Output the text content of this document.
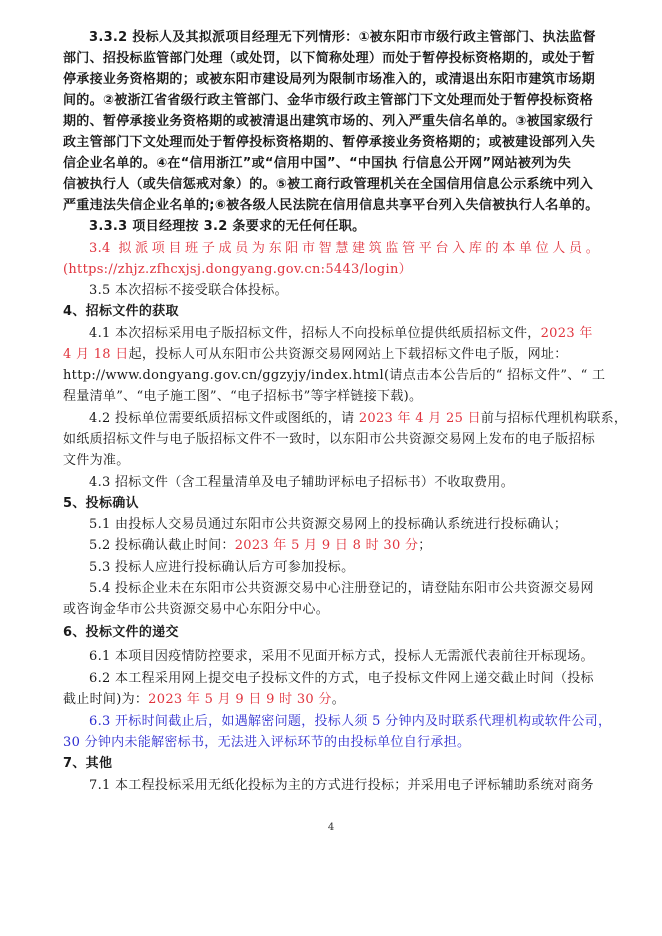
3.3.2 投标人及其拟派项目经理无下列情形：①被东阳市市级行政主管部门、执法监督
部门、招投标监管部门处理（或处罚，以下简称处理）而处于暂停投标资格期的，或处于暂
停承接业务资格期的；或被东阳市建设局列为限制市场准入的，或清退出东阳市建筑市场期
间的。②被浙江省省级行政主管部门、金华市级行政主管部门下文处理而处于暂停投标资格
期的、暂停承接业务资格期的或被清退出建筑市场的、列入严重失信名单的。③被国家级行
政主管部门下文处理而处于暂停投标资格期的、暂停承接业务资格期的；或被建设部列入失
信企业名单的。④在“信用浙江”或“信用中国”、“中国执 行信息公开网”网站被列为失
信被执行人（或失信惩戒对象）的。⑤被工商行政管理机关在全国信用信息公示系统中列入
严重违法失信企业名单的;⑥被各级人民法院在信用信息共享平台列入失信被执行人名单的。
3.3.3 项目经理按 3.2 条要求的无任何任职。
3.4 拟派项目班子成员为东阳市智慧建筑监管平台入库的本单位人员。
(https://zhjz.zfhcxjsj.dongyang.gov.cn:5443/login）
3.5 本次招标不接受联合体投标。
4、招标文件的获取
4.1 本次招标采用电子版招标文件，招标人不向投标单位提供纸质招标文件，2023 年
4 月 18 日起，投标人可从东阳市公共资源交易网网站上下载招标文件电子版，网址：
http://www.dongyang.gov.cn/ggzyjy/index.html(请点击本公告后的“ 招标文件”、“ 工
程量清单”、“电子施工图”、“电子招标书”等字样链接下载)。
4.2 投标单位需要纸质招标文件或图纸的，请 2023 年 4 月 25 日前与招标代理机构联系，
如纸质招标文件与电子版招标文件不一致时，以东阳市公共资源交易网上发布的电子版招标
文件为准。
4.3 招标文件（含工程量清单及电子辅助评标电子招标书）不收取费用。
5、投标确认
5.1 由投标人交易员通过东阳市公共资源交易网上的投标确认系统进行投标确认；
5.2 投标确认截止时间：2023 年 5 月 9 日 8 时 30 分；
5.3 投标人应进行投标确认后方可参加投标。
5.4 投标企业未在东阳市公共资源交易中心注册登记的，请登陆东阳市公共资源交易网
或咨询金华市公共资源交易中心东阳分中心。
6、投标文件的递交
6.1 本项目因疫情防控要求，采用不见面开标方式，投标人无需派代表前往开标现场。
6.2 本工程采用网上提交电子投标文件的方式，电子投标文件网上递交截止时间（投标
截止时间)为：2023 年 5 月 9 日 9 时 30 分。
6.3 开标时间截止后，如遇解密问题，投标人须 5 分钟内及时联系代理机构或软件公司，
30 分钟内未能解密标书，无法进入评标环节的由投标单位自行承担。
7、其他
7.1 本工程投标采用无纸化投标为主的方式进行投标；并采用电子评标辅助系统对商务
4
